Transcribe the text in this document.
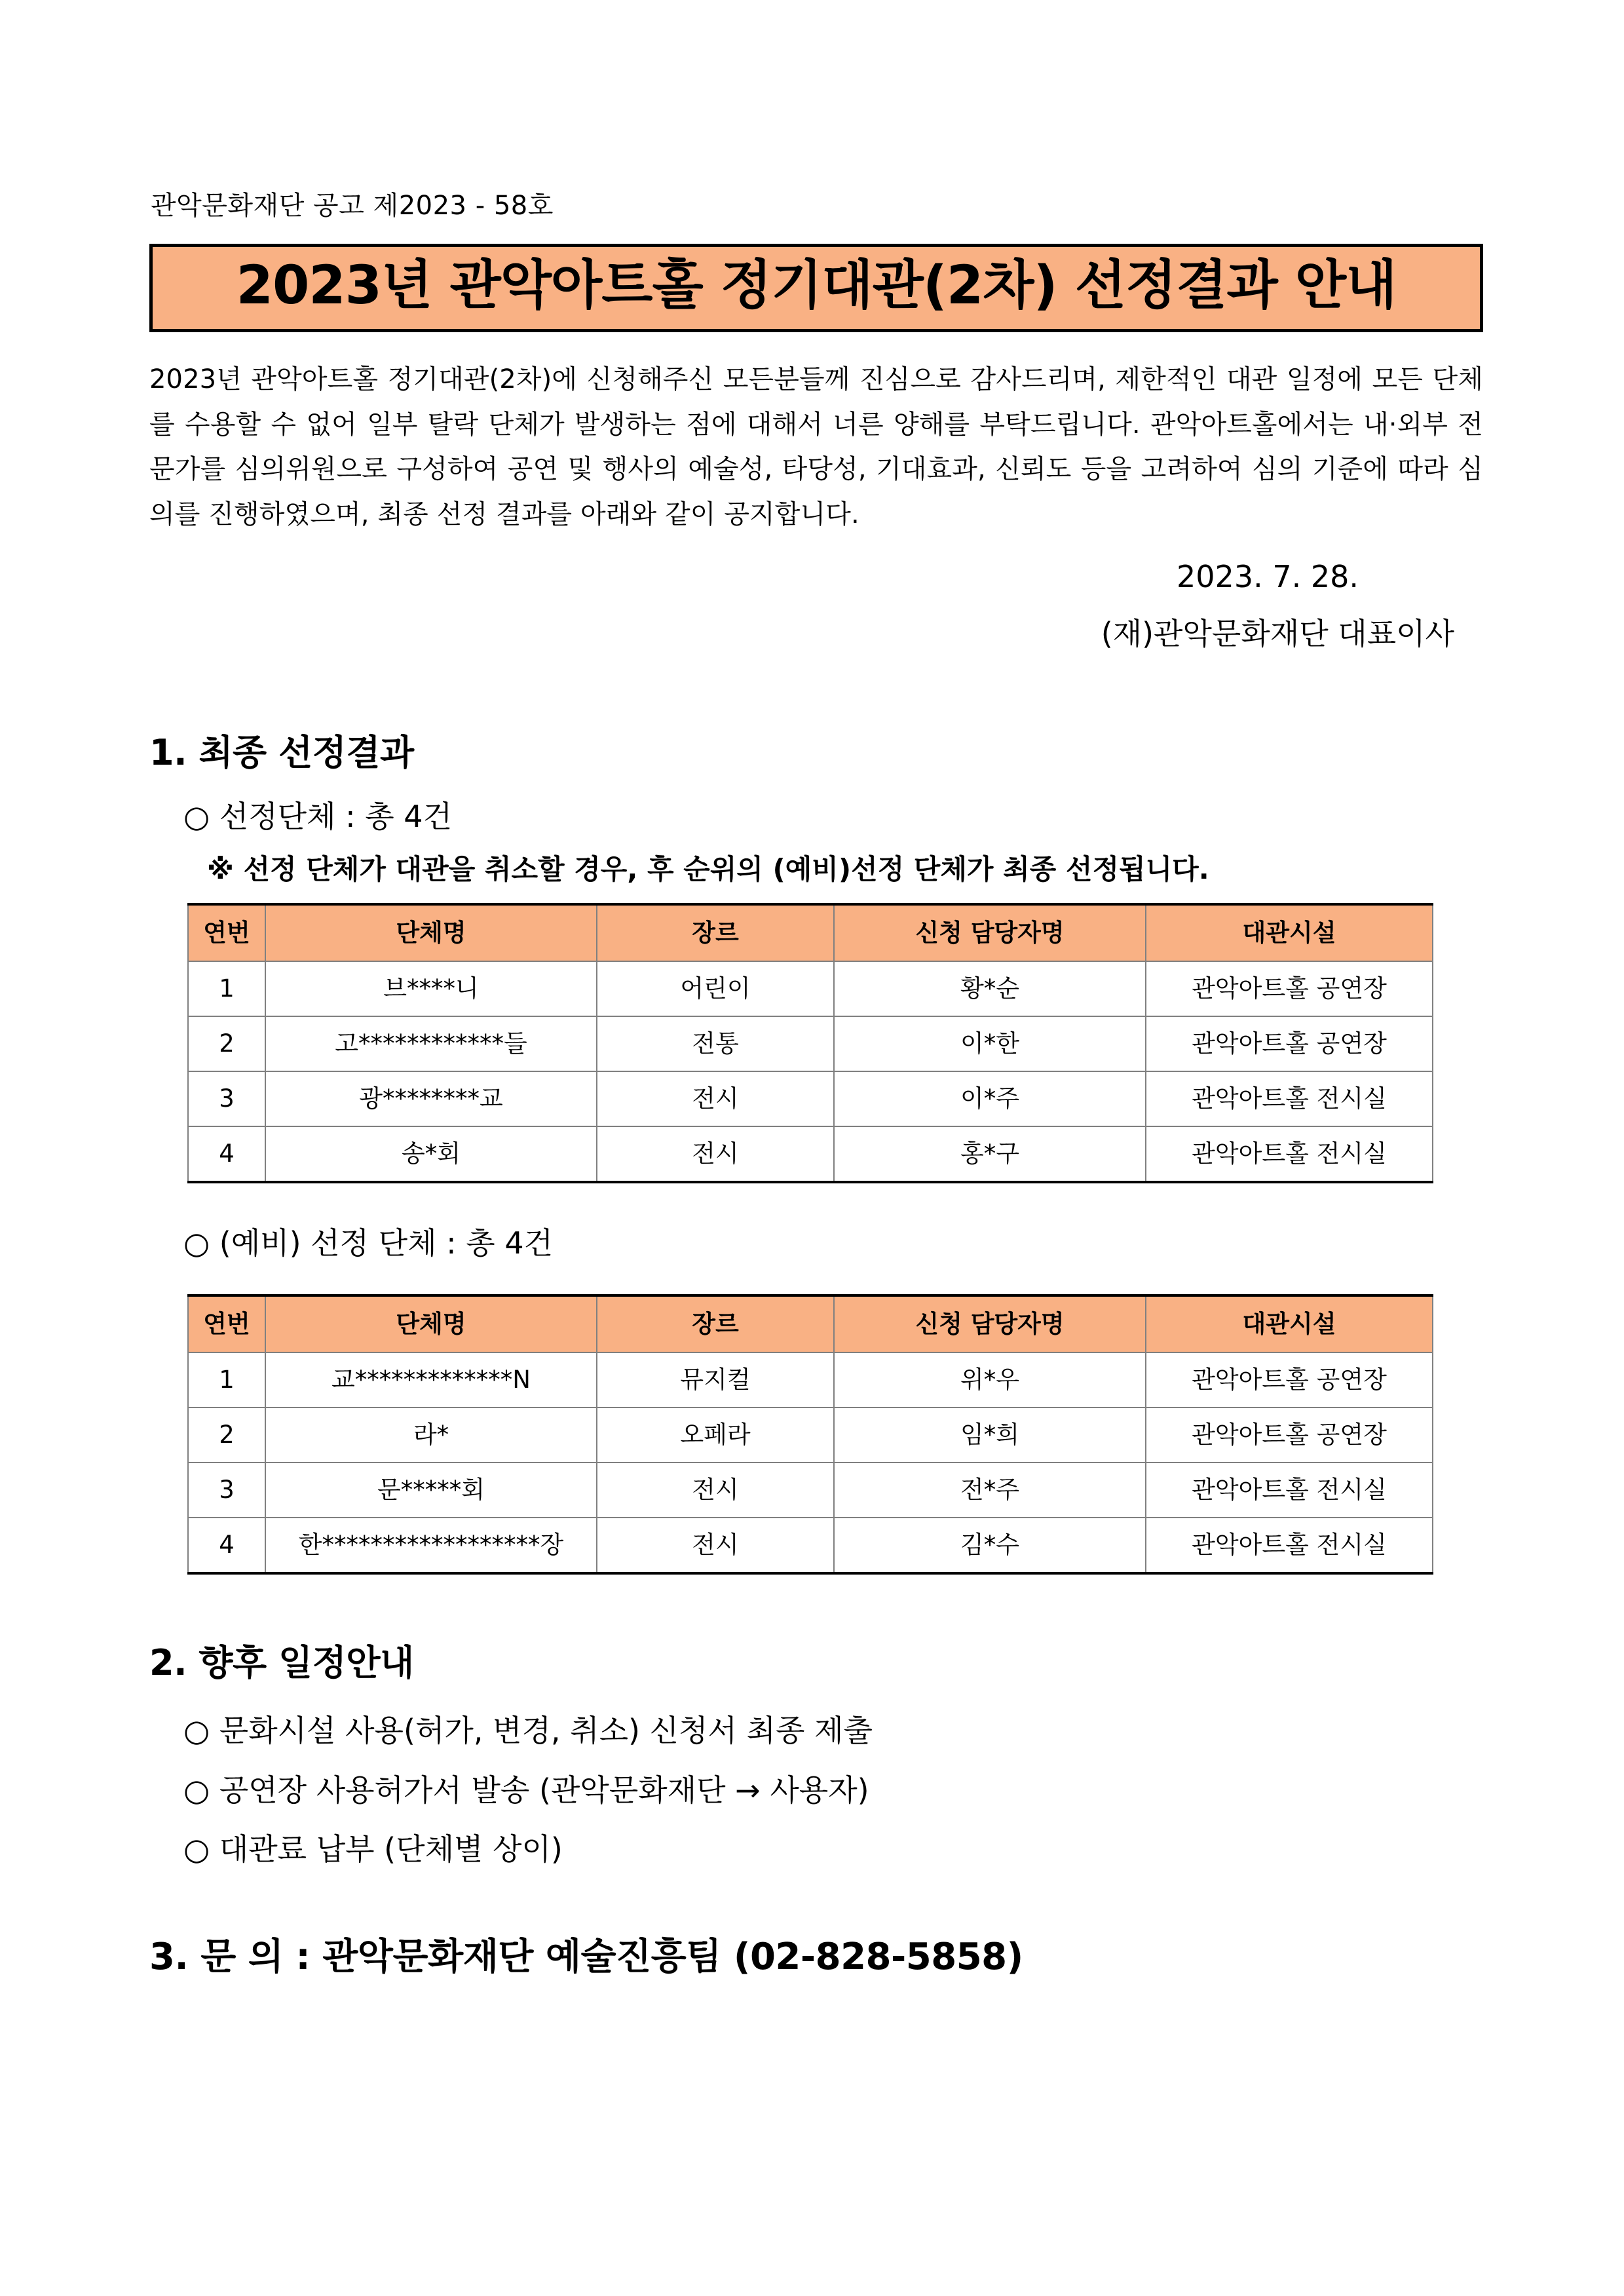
관악문화재단 공고 제2023 - 58호
2023년 관악아트홀 정기대관(2차) 선정결과 안내

2023년 관악아트홀 정기대관(2차)에 신청해주신 모든분들께 진심으로 감사드리며, 제한적인 대관 일정에 모든 단체를 수용할 수 없어 일부 탈락 단체가 발생하는 점에 대해서 너른 양해를 부탁드립니다. 관악아트홀에서는 내·외부 전문가를 심의위원으로 구성하여 공연 및 행사의 예술성, 타당성, 기대효과, 신뢰도 등을 고려하여 심의 기준에 따라 심의를 진행하였으며, 최종 선정 결과를 아래와 같이 공지합니다.

2023. 7. 28.
(재)관악문화재단 대표이사
1. 최종 선정결과
○ 선정단체 : 총 4건
※ 선정 단체가 대관을 취소할 경우, 후 순위의 (예비)선정 단체가 최종 선정됩니다.
연번	단체명	장르	신청 담당자명	대관시설
1	브****니	어린이	황*순	관악아트홀 공연장
2	고************들	전통	이*한	관악아트홀 공연장
3	광********교	전시	이*주	관악아트홀 전시실
4	송*회	전시	홍*구	관악아트홀 전시실
○ (예비) 선정 단체 : 총 4건
연번	단체명	장르	신청 담당자명	대관시설
1	교*************N	뮤지컬	위*우	관악아트홀 공연장
2	라*	오페라	임*희	관악아트홀 공연장
3	문*****회	전시	전*주	관악아트홀 전시실
4	한******************장	전시	김*수	관악아트홀 전시실
2. 향후 일정안내
○ 문화시설 사용(허가, 변경, 취소) 신청서 최종 제출
○ 공연장 사용허가서 발송 (관악문화재단 → 사용자)
○ 대관료 납부 (단체별 상이)
3. 문 의 : 관악문화재단 예술진흥팀 (02-828-5858)
